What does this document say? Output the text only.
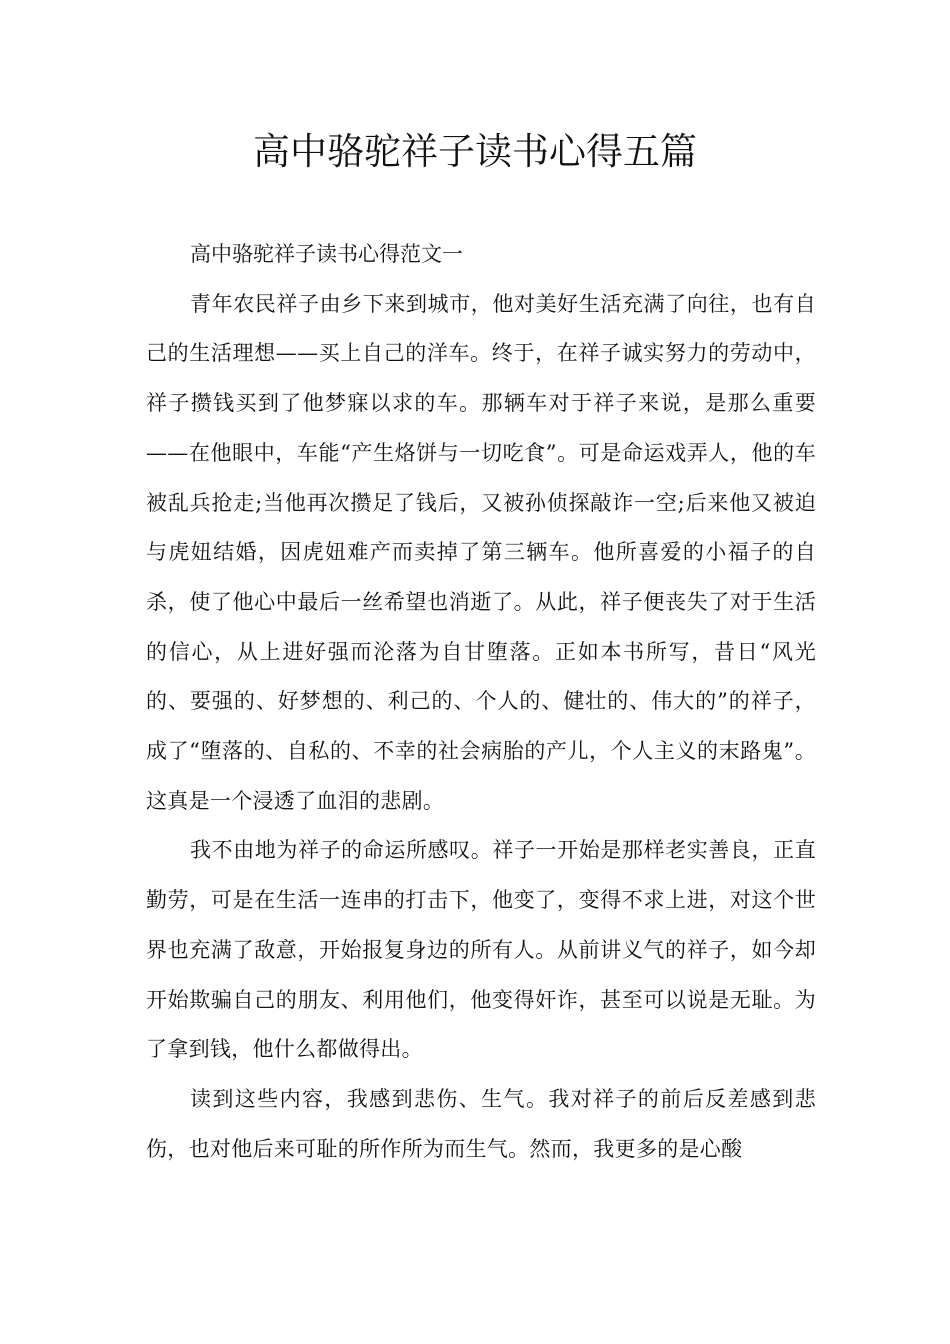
高中骆驼祥子读书心得五篇

高中骆驼祥子读书心得范文一

青年农民祥子由乡下来到城市，他对美好生活充满了向往，也有自己的生活理想——买上自己的洋车。终于，在祥子诚实努力的劳动中，祥子攒钱买到了他梦寐以求的车。那辆车对于祥子来说，是那么重要——在他眼中，车能“产生烙饼与一切吃食”。可是命运戏弄人，他的车被乱兵抢走;当他再次攒足了钱后，又被孙侦探敲诈一空;后来他又被迫与虎妞结婚，因虎妞难产而卖掉了第三辆车。他所喜爱的小福子的自杀，使了他心中最后一丝希望也消逝了。从此，祥子便丧失了对于生活的信心，从上进好强而沦落为自甘堕落。正如本书所写，昔日“风光的、要强的、好梦想的、利己的、个人的、健壮的、伟大的”的祥子，成了“堕落的、自私的、不幸的社会病胎的产儿，个人主义的末路鬼”。这真是一个浸透了血泪的悲剧。

我不由地为祥子的命运所感叹。祥子一开始是那样老实善良，正直勤劳，可是在生活一连串的打击下，他变了，变得不求上进，对这个世界也充满了敌意，开始报复身边的所有人。从前讲义气的祥子，如今却开始欺骗自己的朋友、利用他们，他变得奸诈，甚至可以说是无耻。为了拿到钱，他什么都做得出。

读到这些内容，我感到悲伤、生气。我对祥子的前后反差感到悲伤，也对他后来可耻的所作所为而生气。然而，我更多的是心酸
